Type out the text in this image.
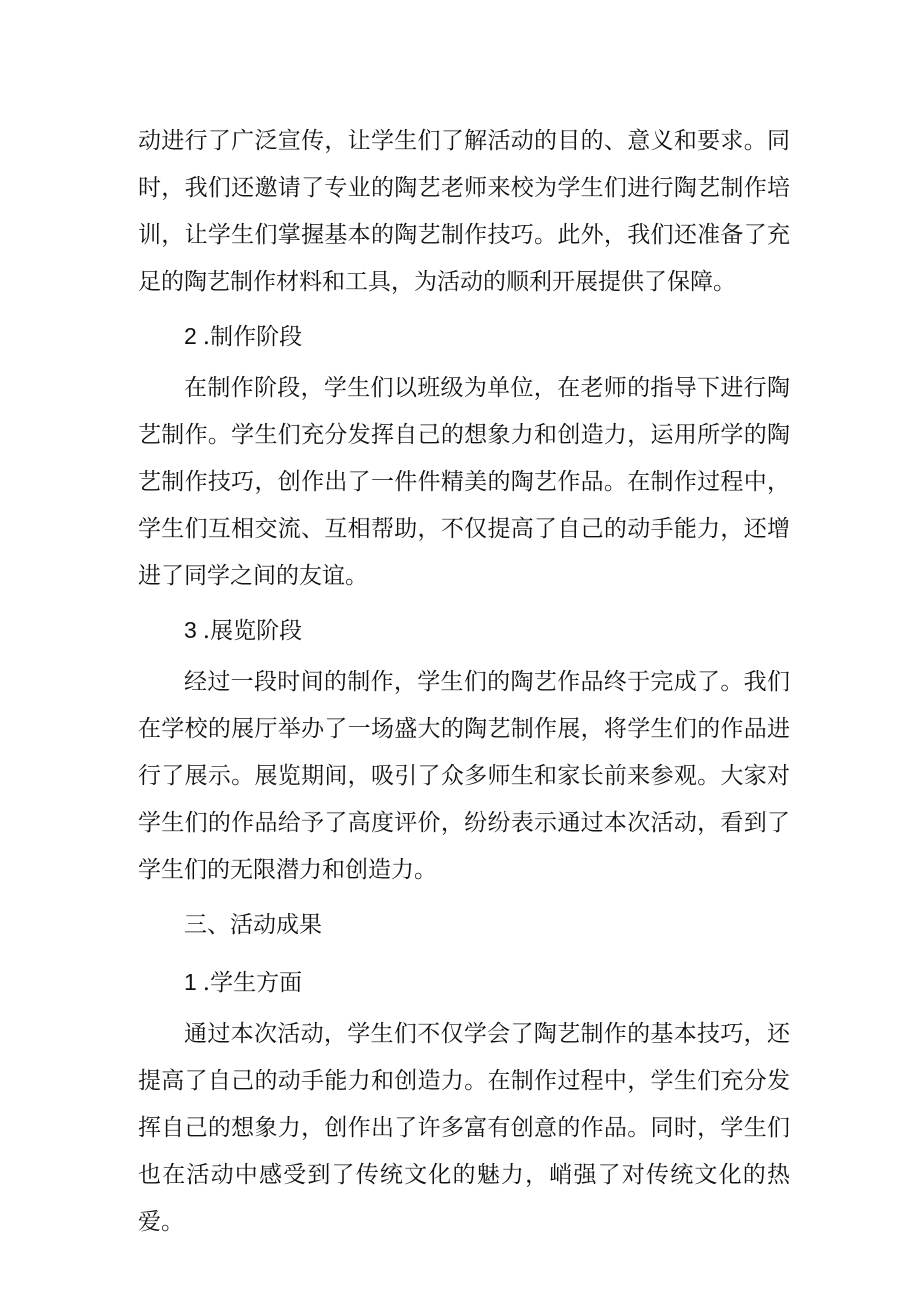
动进行了广泛宣传，让学生们了解活动的目的、意义和要求。同时，我们还邀请了专业的陶艺老师来校为学生们进行陶艺制作培训，让学生们掌握基本的陶艺制作技巧。此外，我们还准备了充足的陶艺制作材料和工具，为活动的顺利开展提供了保障。

2 .制作阶段

在制作阶段，学生们以班级为单位，在老师的指导下进行陶艺制作。学生们充分发挥自己的想象力和创造力，运用所学的陶艺制作技巧，创作出了一件件精美的陶艺作品。在制作过程中，学生们互相交流、互相帮助，不仅提高了自己的动手能力，还增进了同学之间的友谊。

3 .展览阶段

经过一段时间的制作，学生们的陶艺作品终于完成了。我们在学校的展厅举办了一场盛大的陶艺制作展，将学生们的作品进行了展示。展览期间，吸引了众多师生和家长前来参观。大家对学生们的作品给予了高度评价，纷纷表示通过本次活动，看到了学生们的无限潜力和创造力。

三、活动成果

1 .学生方面

通过本次活动，学生们不仅学会了陶艺制作的基本技巧，还提高了自己的动手能力和创造力。在制作过程中，学生们充分发挥自己的想象力，创作出了许多富有创意的作品。同时，学生们也在活动中感受到了传统文化的魅力，峭强了对传统文化的热爱。
